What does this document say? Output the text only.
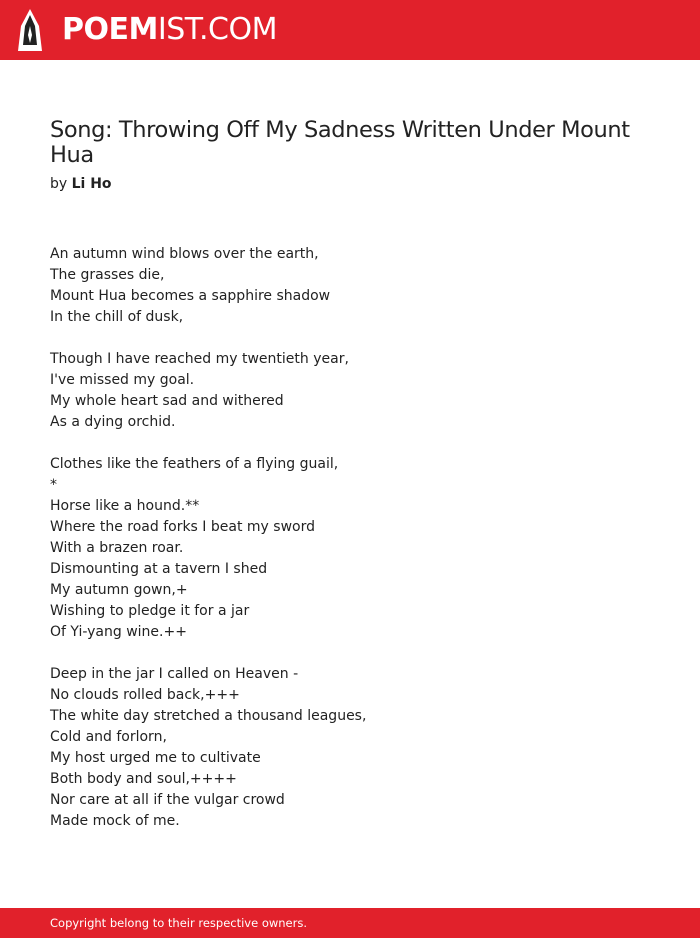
POEMIST.COM
Song: Throwing Off My Sadness Written Under Mount Hua
by Li Ho
An autumn wind blows over the earth,
The grasses die,
Mount Hua becomes a sapphire shadow
In the chill of dusk,
Though I have reached my twentieth year,
I've missed my goal.
My whole heart sad and withered
As a dying orchid.
Clothes like the feathers of a flying guail,
*
Horse like a hound.**
Where the road forks I beat my sword
With a brazen roar.
Dismounting at a tavern I shed
My autumn gown,+
Wishing to pledge it for a jar
Of Yi-yang wine.++
Deep in the jar I called on Heaven -
No clouds rolled back,+++
The white day stretched a thousand leagues,
Cold and forlorn,
My host urged me to cultivate
Both body and soul,++++
Nor care at all if the vulgar crowd
Made mock of me.
Copyright belong to their respective owners.
